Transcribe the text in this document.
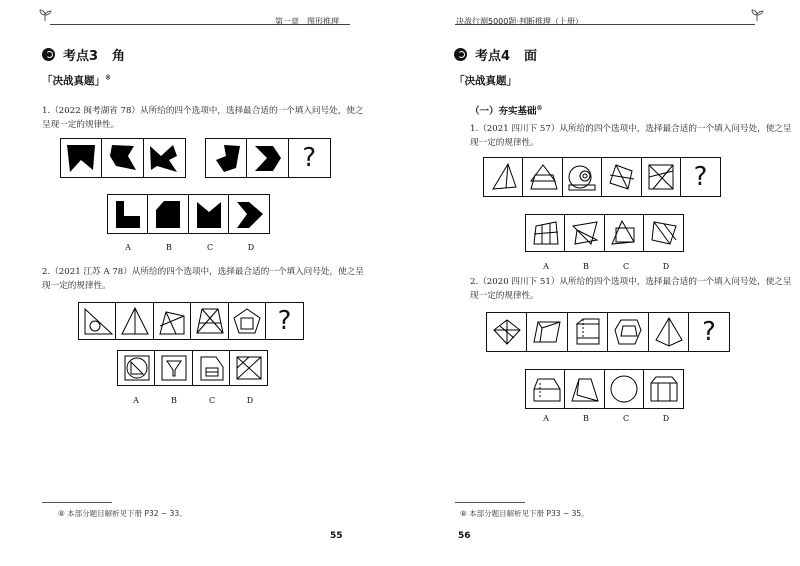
第一章　图形推理
考点3 角
「决战真题」®
1.（2022 闽考湖省 78）从所给的四个选项中，选择最合适的一个填入问号处，使之呈现一定的规律性。
?
A	B	C	D
2.（2021 江苏 A 78）从所给的四个选项中，选择最合适的一个填入问号处，使之呈现一定的规律性。
?
A	B	C	D
⑧ 本部分题目解析见下册 P32 ~ 33。
55
决战行测5000题·判断推理（上册）
考点4 面
「决战真题」
（一）夯实基础®
1.（2021 四川下 57）从所给的四个选项中，选择最合适的一个填入问号处，使之呈现一定的规律性。
?
A	B	C	D
2.（2020 四川下 51）从所给的四个选项中，选择最合适的一个填入问号处，使之呈现一定的规律性。
?
A	B	C	D
⑧ 本部分题目解析见下册 P33 ~ 35。
56
